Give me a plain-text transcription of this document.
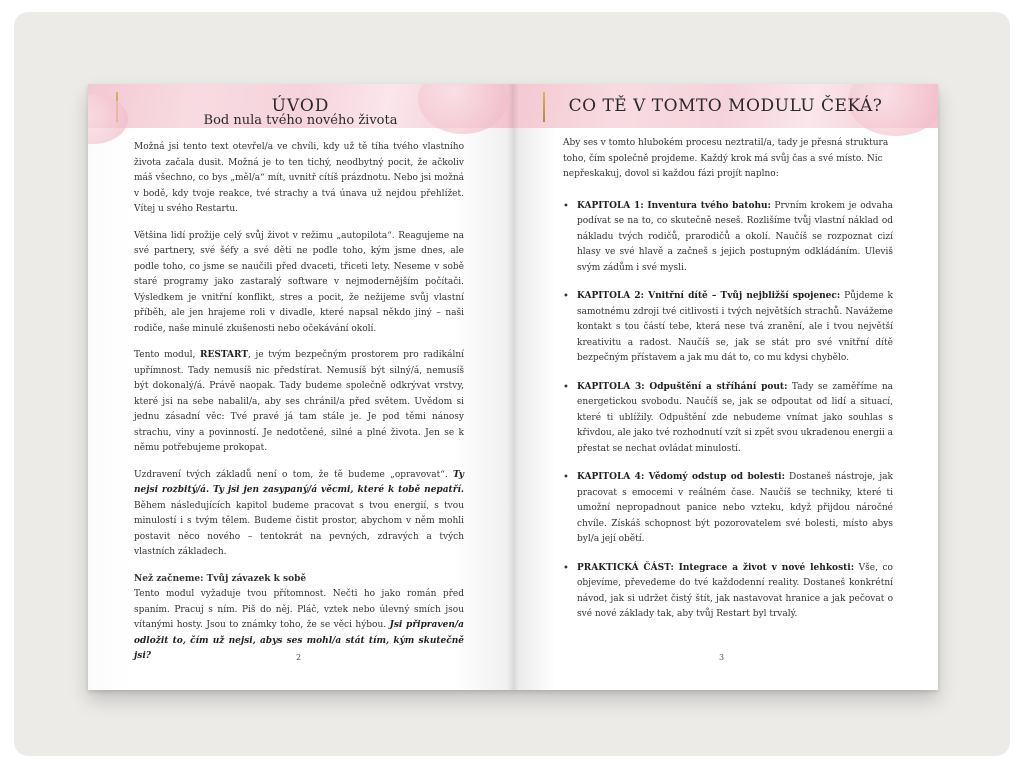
ÚVOD
Bod nula tvého nového života

Možná jsi tento text otevřel/a ve chvíli, kdy už tě tíha tvého vlastního života začala dusit. Možná je to ten tichý, neodbytný pocit, že ačkoliv máš všechno, co bys „měl/a“ mít, uvnitř cítíš prázdnotu. Nebo jsi možná v bodě, kdy tvoje reakce, tvé strachy a tvá únava už nejdou přehlížet. Vítej u svého Restartu.

Většina lidí prožije celý svůj život v režimu „autopilota“. Reagujeme na své partnery, své šéfy a své děti ne podle toho, kým jsme dnes, ale podle toho, co jsme se naučili před dvaceti, třiceti lety. Neseme v sobě staré programy jako zastaralý software v nejmodernějším počítači. Výsledkem je vnitřní konflikt, stres a pocit, že nežijeme svůj vlastní příběh, ale jen hrajeme roli v divadle, které napsal někdo jiný – naši rodiče, naše minulé zkušenosti nebo očekávání okolí.

Tento modul, RESTART, je tvým bezpečným prostorem pro radikální upřímnost. Tady nemusíš nic předstírat. Nemusíš být silný/á, nemusíš být dokonalý/á. Právě naopak. Tady budeme společně odkrývat vrstvy, které jsi na sebe nabalil/a, aby ses chránil/a před světem. Uvědom si jednu zásadní věc: Tvé pravé já tam stále je. Je pod těmi nánosy strachu, viny a povinností. Je nedotčené, silné a plné života. Jen se k němu potřebujeme prokopat.

Uzdravení tvých základů není o tom, že tě budeme „opravovat“. Ty nejsi rozbitý/á. Ty jsi jen zasypaný/á věcmi, které k tobě nepatří. Během následujících kapitol budeme pracovat s tvou energií, s tvou minulostí i s tvým tělem. Budeme čistit prostor, abychom v něm mohli postavit něco nového – tentokrát na pevných, zdravých a tvých vlastních základech.

Než začneme: Tvůj závazek k sobě

Tento modul vyžaduje tvou přítomnost. Nečti ho jako román před spaním. Pracuj s ním. Piš do něj. Pláč, vztek nebo úlevný smích jsou vítanými hosty. Jsou to známky toho, že se věci hýbou. Jsi připraven/a odložit to, čím už nejsi, abys ses mohl/a stát tím, kým skutečně jsi?	2
CO TĚ V TOMTO MODULU ČEKÁ?

Aby ses v tomto hlubokém procesu neztratil/a, tady je přesná struktura toho, čím společně projdeme. Každý krok má svůj čas a své místo. Nic nepřeskakuj, dovol si každou fázi projít naplno:

• KAPITOLA 1: Inventura tvého batohu: Prvním krokem je odvaha podívat se na to, co skutečně neseš. Rozlišíme tvůj vlastní náklad od nákladu tvých rodičů, prarodičů a okolí. Naučíš se rozpoznat cizí hlasy ve své hlavě a začneš s jejich postupným odkládáním. Uleviš svým zádům i své mysli.
• KAPITOLA 2: Vnitřní dítě – Tvůj nejbližší spojenec: Půjdeme k samotnému zdroji tvé citlivosti i tvých největších strachů. Navážeme kontakt s tou částí tebe, která nese tvá zranění, ale i tvou největší kreativitu a radost. Naučíš se, jak se stát pro své vnitřní dítě bezpečným přístavem a jak mu dát to, co mu kdysi chybělo.
• KAPITOLA 3: Odpuštění a stříhání pout: Tady se zaměříme na energetickou svobodu. Naučíš se, jak se odpoutat od lidí a situací, které ti ublížily. Odpuštění zde nebudeme vnímat jako souhlas s křivdou, ale jako tvé rozhodnutí vzít si zpět svou ukradenou energii a přestat se nechat ovládat minulostí.
• KAPITOLA 4: Vědomý odstup od bolesti: Dostaneš nástroje, jak pracovat s emocemi v reálném čase. Naučíš se techniky, které ti umožní nepropadnout panice nebo vzteku, když přijdou náročné chvíle. Získáš schopnost být pozorovatelem své bolesti, místo abys byl/a její obětí.
• PRAKTICKÁ ČÁST: Integrace a život v nové lehkosti: Vše, co objevíme, převedeme do tvé každodenní reality. Dostaneš konkrétní návod, jak si udržet čistý štít, jak nastavovat hranice a jak pečovat o své nové základy tak, aby tvůj Restart byl trvalý.
3
